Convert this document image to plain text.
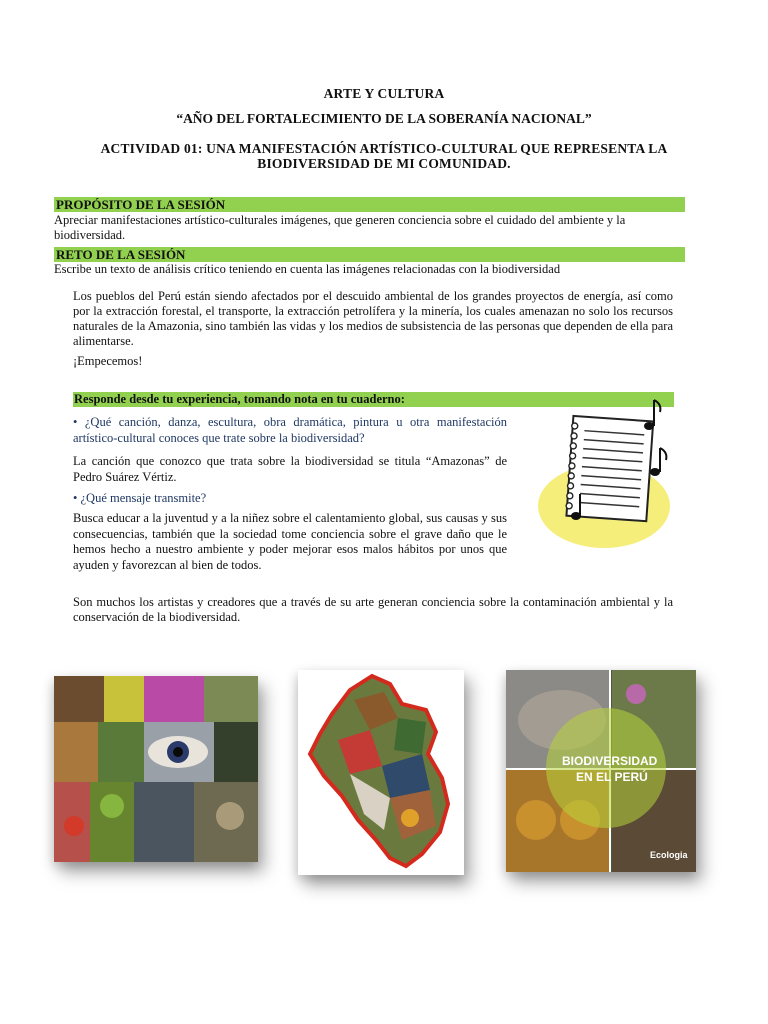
ARTE Y CULTURA
“AÑO DEL FORTALECIMIENTO DE LA SOBERANÍA NACIONAL”
ACTIVIDAD 01: UNA MANIFESTACIÓN ARTÍSTICO-CULTURAL QUE REPRESENTA LA
BIODIVERSIDAD DE MI COMUNIDAD.
PROPÓSITO DE LA SESIÓN
Apreciar manifestaciones artístico-culturales imágenes, que generen conciencia sobre el cuidado del ambiente y la biodiversidad.
RETO DE LA SESIÓN
Escribe un texto de análisis crítico teniendo en cuenta las imágenes relacionadas con la biodiversidad
Los pueblos del Perú están siendo afectados por el descuido ambiental de los grandes proyectos de energía, así como por la extracción forestal, el transporte, la extracción petrolífera y la minería, los cuales amenazan no solo los recursos naturales de la Amazonia, sino también las vidas y los medios de subsistencia de las personas que dependen de ella para alimentarse.
¡Empecemos!
Responde desde tu experiencia, tomando nota en tu cuaderno:
• ¿Qué canción, danza, escultura, obra dramática, pintura u otra manifestación artístico-cultural conoces que trate sobre la biodiversidad?
La canción que conozco que trata sobre la biodiversidad se titula “Amazonas” de Pedro Suárez Vértiz.
• ¿Qué mensaje transmite?
Busca educar a la juventud y a la niñez sobre el calentamiento global, sus causas y sus consecuencias, también que la sociedad tome conciencia sobre el grave daño que le hemos hecho a nuestro ambiente y poder mejorar esos malos hábitos por unos que ayuden y favorezcan al bien de todos.
Son muchos los artistas y creadores que a través de su arte generan conciencia sobre la contaminación ambiental y la conservación de la biodiversidad.
BIODIVERSIDAD
EN EL PERÚ
Ecologia
